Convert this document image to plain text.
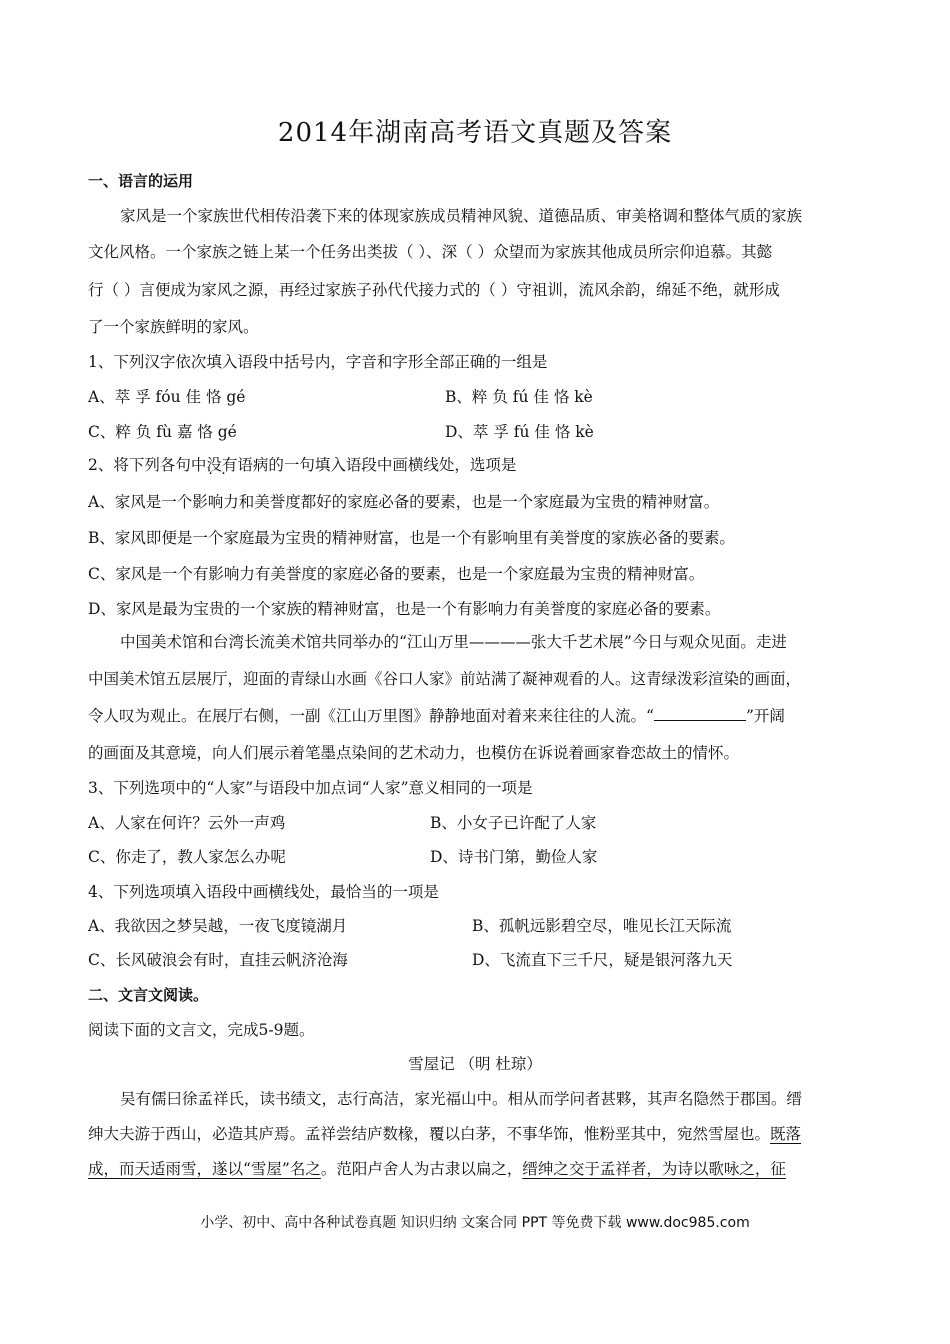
2014年湖南高考语文真题及答案
一、语言的运用
家风是一个家族世代相传沿袭下来的体现家族成员精神风貌、道德品质、审美格调和整体气质的家族
文化风格。一个家族之链上某一个任务出类拔（ ）、深（ ）众望而为家族其他成员所宗仰追慕。其懿
行（ ）言便成为家风之源，再经过家族子孙代代接力式的（ ）守祖训，流风余韵，绵延不绝，就形成
了一个家族鲜明的家风。
1、下列汉字依次填入语段中括号内，字音和字形全部正确的一组是
A、萃 孚 fóu 佳 恪 gé	B、粹 负 fú 佳 恪 kè
C、粹 负 fù 嘉 恪 gé	D、萃 孚 fú 佳 恪 kè
2、将下列各句中没有 · ·语病的一句填入语段中画横线处，选项是
A、家风是一个影响力和美誉度都好的家庭必备的要素，也是一个家庭最为宝贵的精神财富。
B、家风即便是一个家庭最为宝贵的精神财富，也是一个有影响里有美誉度的家族必备的要素。
C、家风是一个有影响力有美誉度的家庭必备的要素，也是一个家庭最为宝贵的精神财富。
D、家风是最为宝贵的一个家族的精神财富，也是一个有影响力有美誉度的家庭必备的要素。
中国美术馆和台湾长流美术馆共同举办的“江山万里————张大千艺术展”今日与观众见面。走进
中国美术馆五层展厅，迎面的青绿山水画《谷口人家》前站满了凝神观看的人。这青绿泼彩渲染的画面，
令人叹为观止。在展厅右侧，一副《江山万里图》静静地面对着来来往往的人流。“	”开阔
的画面及其意境，向人们展示着笔墨点染间的艺术动力，也模仿在诉说着画家眷恋故土的情怀。
3、下列选项中的“人家”与语段中加点词“人家”意义相同的一项是
A、人家在何许？云外一声鸡	B、小女子已许配了人家
C、你走了，教人家怎么办呢	D、诗书门第，勤俭人家
4、下列选项填入语段中画横线处，最恰当的一项是
A、我欲因之梦吴越，一夜飞度镜湖月	B、孤帆远影碧空尽，唯见长江天际流
C、长风破浪会有时，直挂云帆济沧海	D、飞流直下三千尺，疑是银河落九天
二、文言文阅读。
阅读下面的文言文，完成5-9题。
雪屋记 （明 杜琼）
吴有儒曰徐孟祥氏，读书绩文，志行高洁，家光福山中。相从而学问者甚夥，其声名隐然于郡国。缙
绅大夫游于西山，必造其庐焉。孟祥尝结庐数椽，覆以白茅，不事华饰，惟粉垩其中，宛然雪屋也。既落
成，而天适雨雪，遂以“雪屋”名之。范阳卢舍人为古隶以扁之，缙绅之交于孟祥者，为诗以歌咏之，征
小学、初中、高中各种试卷真题 知识归纳 文案合同 PPT 等免费下载 www.doc985.com
